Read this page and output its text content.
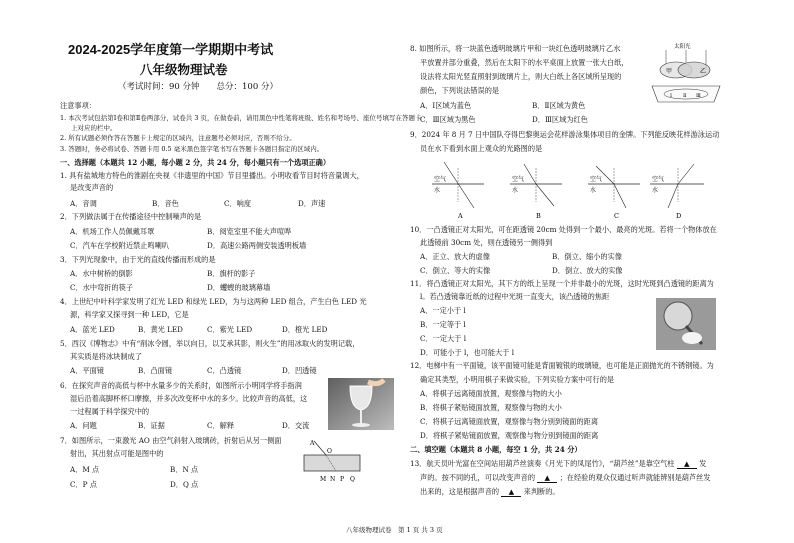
2024-2025学年度第一学期期中考试
八年级物理试卷
（考试时间：90 分钟　　总分：100 分）
注意事项：
1. 本次考试包括第Ⅰ卷和第Ⅱ卷两部分，试卷共 3 页，在做卷前，请用黑色中性笔将班级、姓名和考场号、座位号填写在答题卡
上对应的栏中。
2. 所有试题必须作答在答题卡上规定的区域内，注意题号必须对应，否则不给分。
3. 答题时，务必将试卷、答题卡用 0.5 毫米黑色签字笔书写在答题卡各题目指定的区域内。
一、选择题（本题共 12 小题，每小题 2 分，共 24 分，每小题只有一个选项正确）
1. 具有盐城地方特色的淮剧在央视《非遗里的中国》节目里播出。小明收看节目时将音量调大，
是改变声音的
A．音调	B．音色	C．响度	D．声速
2．下列做法属于在传播途径中控制噪声的是
A．机场工作人员佩戴耳罩	B．阅览室里不能大声喧哗
C．汽车在学校附近禁止鸣喇叭	D．高速公路两侧安装透明板墙
3．下列光现象中，由于光的直线传播而形成的是
A．水中树桥的倒影	B．旗杆的影子
C．水中弯折的筷子	D．蠼螋的玻璃幕墙
4．上世纪中叶科学家发明了红光 LED 和绿光 LED，为与这两种 LED 组合，产生白色 LED 光
源，科学家又探寻到一种 LED，它是
A．蓝光 LED	B．黄光 LED	C．紫光 LED	D．橙光 LED
5．西汉《博物志》中有“削冰令圆，举以向日，以艾承其影，则火生”的用冰取火的发明记载，
其实质是将冰块制成了
A．平面镜	B．凸面镜	C．凸透镜	D．凹透镜
6．在探究声音的高低与杯中水量多少的关系时，如图所示小明同学将手指润
湿后沿着高脚杯杯口摩擦，并多次改变杯中水的多少。比较声音的高低，这
一过程属于科学探究中的
A．问题	B．证据	C．解释	D．交流
7．如图所示，一束激光 AO 由空气斜射入玻璃砖，折射后从另一侧面
射出，其出射点可能是图中的
A．M 点	B．N 点
C．P 点	D．Q 点
A
O
M N P Q
8. 如图所示，将一块蓝色透明玻璃片甲和一块红色透明玻璃片乙水
平放置并部分重叠，然后在太阳下的水平桌面上放置一张大白纸，
设法将太阳光竖直照射到玻璃片上，则大白纸上各区域所呈现的
颜色，下列说法错误的是
A．Ⅰ区域为蓝色	B．Ⅱ区域为黄色
C．Ⅲ区域为黑色	D．Ⅲ区域为红色
太阳光
甲	乙
Ⅰ Ⅱ Ⅲ
9．2024 年 8 月 7 日中国队夺得巴黎奥运会花样游泳集体项目的金牌。下列能反映花样游泳运动
员在水下看到水面上观众的光路图的是
空气
水
A
空气
水
B
空气
水
C
空气
水
D
10．一凸透镜正对太阳光，可在距透镜 20cm 处得到一个最小、最亮的光斑。若将一个物体放在
此透镜前 30cm 处，则在透镜另一侧得到
A．正立、放大的虚像	B．倒立、缩小的实像
C．倒立、等大的实像	D．倒立、放大的实像
11．将凸透镜正对太阳光，其下方的纸上呈现一个并非最小的光斑，这时光斑到凸透镜的距离为
l。若凸透镜靠近纸的过程中光斑一直变大，该凸透镜的焦距
A．一定小于 l
B．一定等于 l
C．一定大于 l
D．可能小于 l，也可能大于 l
12．电梯中有一平面镜，该平面镜可能是背面镀银的玻璃镜，也可能是正面抛光的不锈钢镜。为
确定其类型，小明用棋子来做实验，下列实验方案中可行的是
A．将棋子远离镜面放置，观察像与物的大小
B．将棋子紧贴镜面放置，观察像与物的大小
C．将棋子远离镜面放置，观察像与物分别到镜面的距离
D．将棋子紧贴镜面放置，观察像与物分别到镜面的距离
二、填空题（本题共 8 小题，每空 1 分，共 24 分）
13．航天员叶光富在空间站用葫芦丝演奏《月光下的凤尾竹》，“葫芦丝”是靠空气柱 ▲ 发
声的。按不同的孔，可以改变声音的 ▲ ；在经验的观众仅通过听声就能辨别是葫芦丝发
出来的，这是根据声音的 ▲ 来判断的。
八年级物理试卷　第 1 页 共 3 页
